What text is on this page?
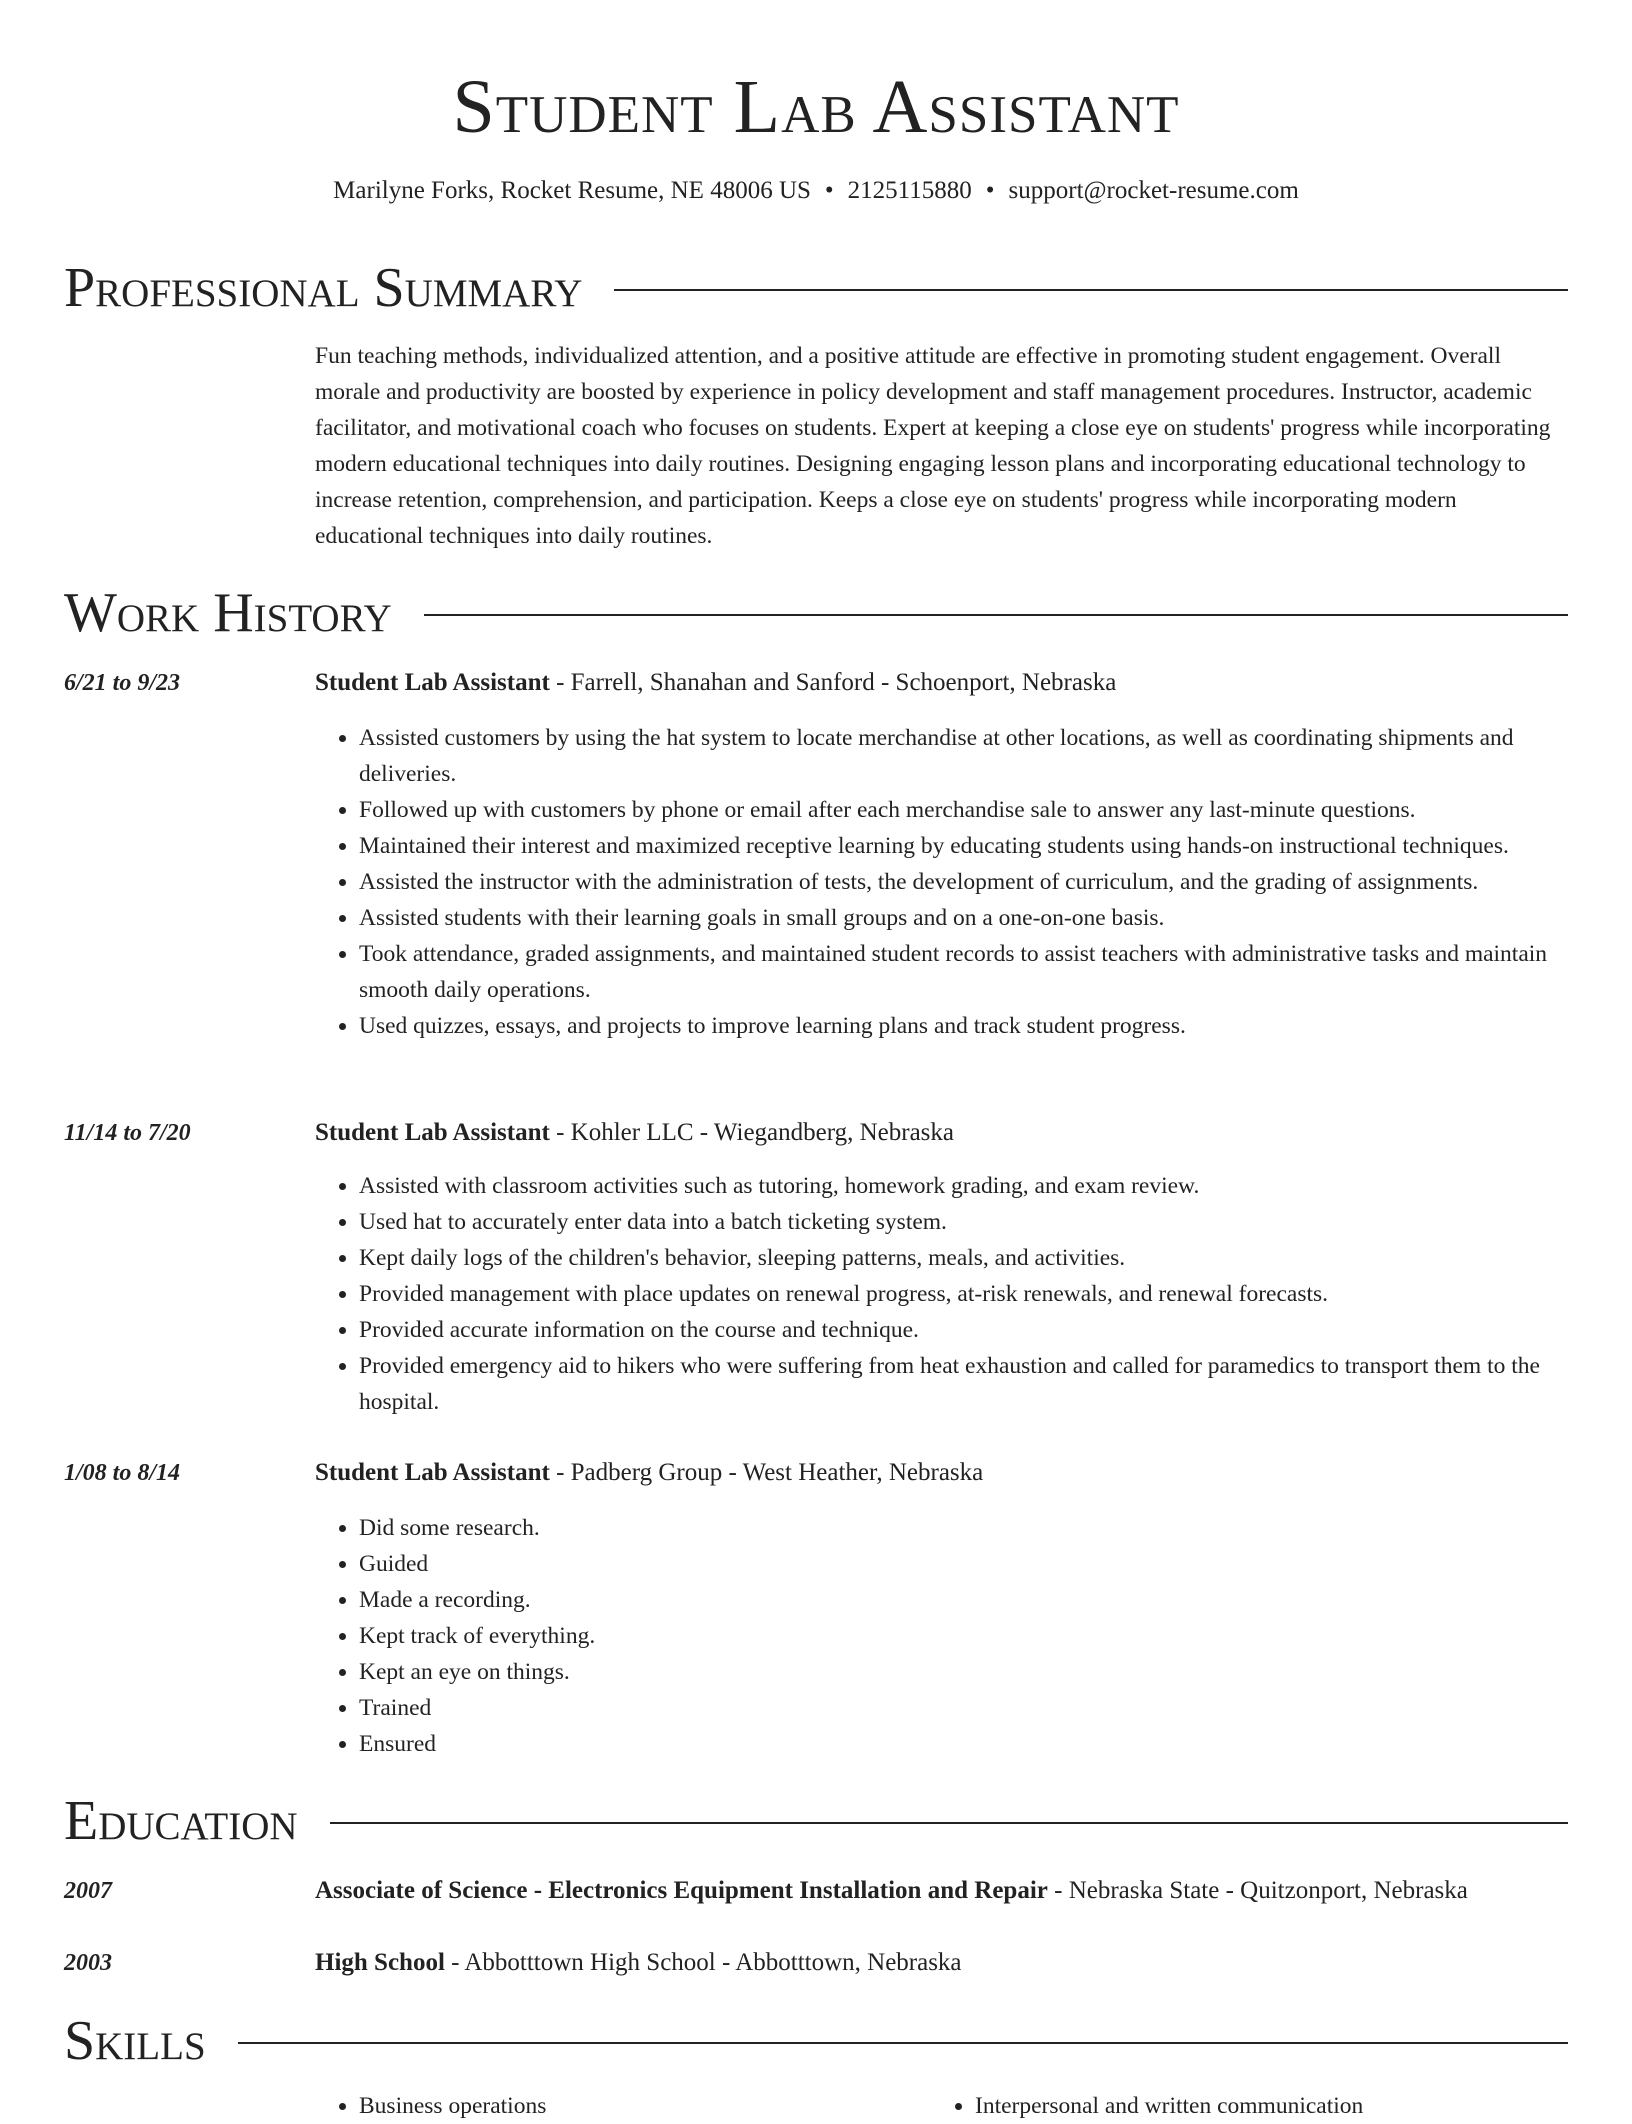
Student Lab Assistant
Marilyne Forks, Rocket Resume, NE 48006 US • 2125115880 • support@rocket-resume.com
Professional Summary

Fun teaching methods, individualized attention, and a positive attitude are effective in promoting student engagement. Overall morale and productivity are boosted by experience in policy development and staff management procedures. Instructor, academic facilitator, and motivational coach who focuses on students. Expert at keeping a close eye on students' progress while incorporating modern educational techniques into daily routines. Designing engaging lesson plans and incorporating educational technology to increase retention, comprehension, and participation. Keeps a close eye on students' progress while incorporating modern educational techniques into daily routines.

Work History
6/21 to 9/23	Student Lab Assistant - Farrell, Shanahan and Sanford - Schoenport, Nebraska
• Assisted customers by using the hat system to locate merchandise at other locations, as well as coordinating shipments and deliveries.
• Followed up with customers by phone or email after each merchandise sale to answer any last-minute questions.
• Maintained their interest and maximized receptive learning by educating students using hands-on instructional techniques.
• Assisted the instructor with the administration of tests, the development of curriculum, and the grading of assignments.
• Assisted students with their learning goals in small groups and on a one-on-one basis.
• Took attendance, graded assignments, and maintained student records to assist teachers with administrative tasks and maintain smooth daily operations.
• Used quizzes, essays, and projects to improve learning plans and track student progress.
11/14 to 7/20	Student Lab Assistant - Kohler LLC - Wiegandberg, Nebraska
• Assisted with classroom activities such as tutoring, homework grading, and exam review.
• Used hat to accurately enter data into a batch ticketing system.
• Kept daily logs of the children's behavior, sleeping patterns, meals, and activities.
• Provided management with place updates on renewal progress, at-risk renewals, and renewal forecasts.
• Provided accurate information on the course and technique.
• Provided emergency aid to hikers who were suffering from heat exhaustion and called for paramedics to transport them to the hospital.
1/08 to 8/14	Student Lab Assistant - Padberg Group - West Heather, Nebraska
• Did some research.
• Guided
• Made a recording.
• Kept track of everything.
• Kept an eye on things.
• Trained
• Ensured
Education
2007	Associate of Science - Electronics Equipment Installation and Repair - Nebraska State - Quitzonport, Nebraska
2003	High School - Abbotttown High School - Abbotttown, Nebraska
Skills
• Business operations
•	Interpersonal and written communication
